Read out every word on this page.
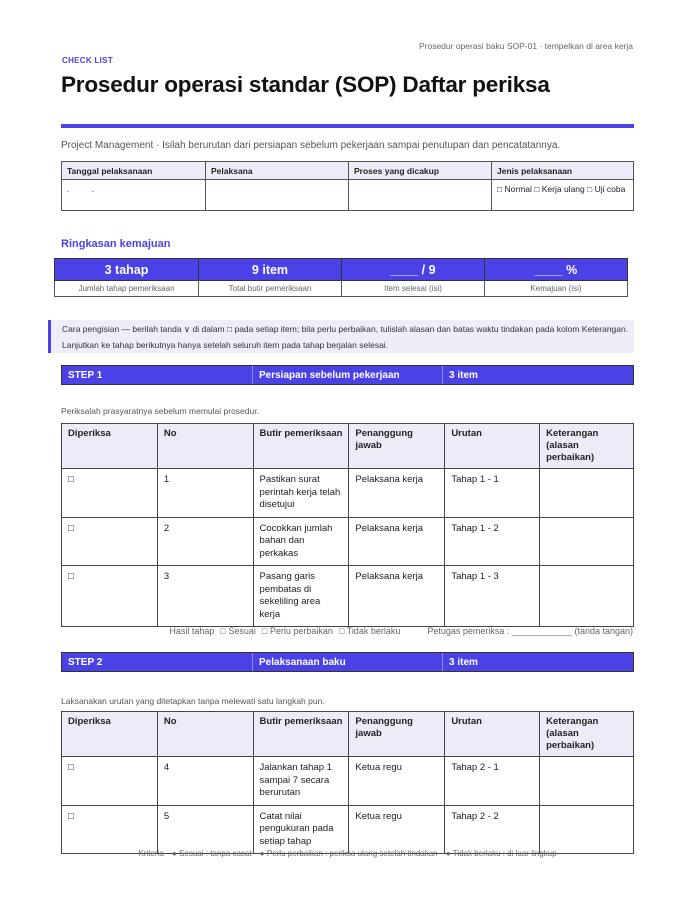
Prosedur operasi baku SOP-01 · tempelkan di area kerja
CHECK LIST
Prosedur operasi standar (SOP) Daftar periksa
Project Management · Isilah berurutan dari persiapan sebelum pekerjaan sampai penutupan dan pencatatannya.
Tanggal pelaksanaan	Pelaksana	Proses yang dicakup	Jenis pelaksanaan
. .			□ Normal □ Kerja ulang □ Uji coba
Ringkasan kemajuan
3 tahap	9 item	____ / 9	____ %
Jumlah tahap pemeriksaan	Total butir pemeriksaan	Item selesai (isi)	Kemajuan (isi)
Cara pengisian — berilah tanda ∨ di dalam □ pada setiap item; bila perlu perbaikan, tulislah alasan dan batas waktu tindakan pada kolom Keterangan. Lanjutkan ke tahap berikutnya hanya setelah seluruh item pada tahap berjalan selesai.
STEP 1	Persiapan sebelum pekerjaan	3 item
Periksalah prasyaratnya sebelum memulai prosedur.
Diperiksa	No	Butir pemeriksaan	Penanggung jawab	Urutan	Keterangan (alasan perbaikan)
□	1	Pastikan surat perintah kerja telah disetujui	Pelaksana kerja	Tahap 1 - 1	
□	2	Cocokkan jumlah bahan dan perkakas	Pelaksana kerja	Tahap 1 - 2	
□	3	Pasang garis pembatas di sekeliling area kerja	Pelaksana kerja	Tahap 1 - 3	
Hasil tahap □ Sesuai □ Perlu perbaikan □ Tidak berlaku	Petugas pemeriksa : ____________ (tanda tangan)
STEP 2	Pelaksanaan baku	3 item
Laksanakan urutan yang ditetapkan tanpa melewati satu langkah pun.
Diperiksa	No	Butir pemeriksaan	Penanggung jawab	Urutan	Keterangan (alasan perbaikan)
□	4	Jalankan tahap 1 sampai 7 secara berurutan	Ketua regu	Tahap 2 - 1	
□	5	Catat nilai pengukuran pada setiap tahap	Ketua regu	Tahap 2 - 2	
Kriteria ● Sesuai : tanpa cacat ● Perlu perbaikan : periksa ulang setelah tindakan ● Tidak berlaku : di luar lingkup
